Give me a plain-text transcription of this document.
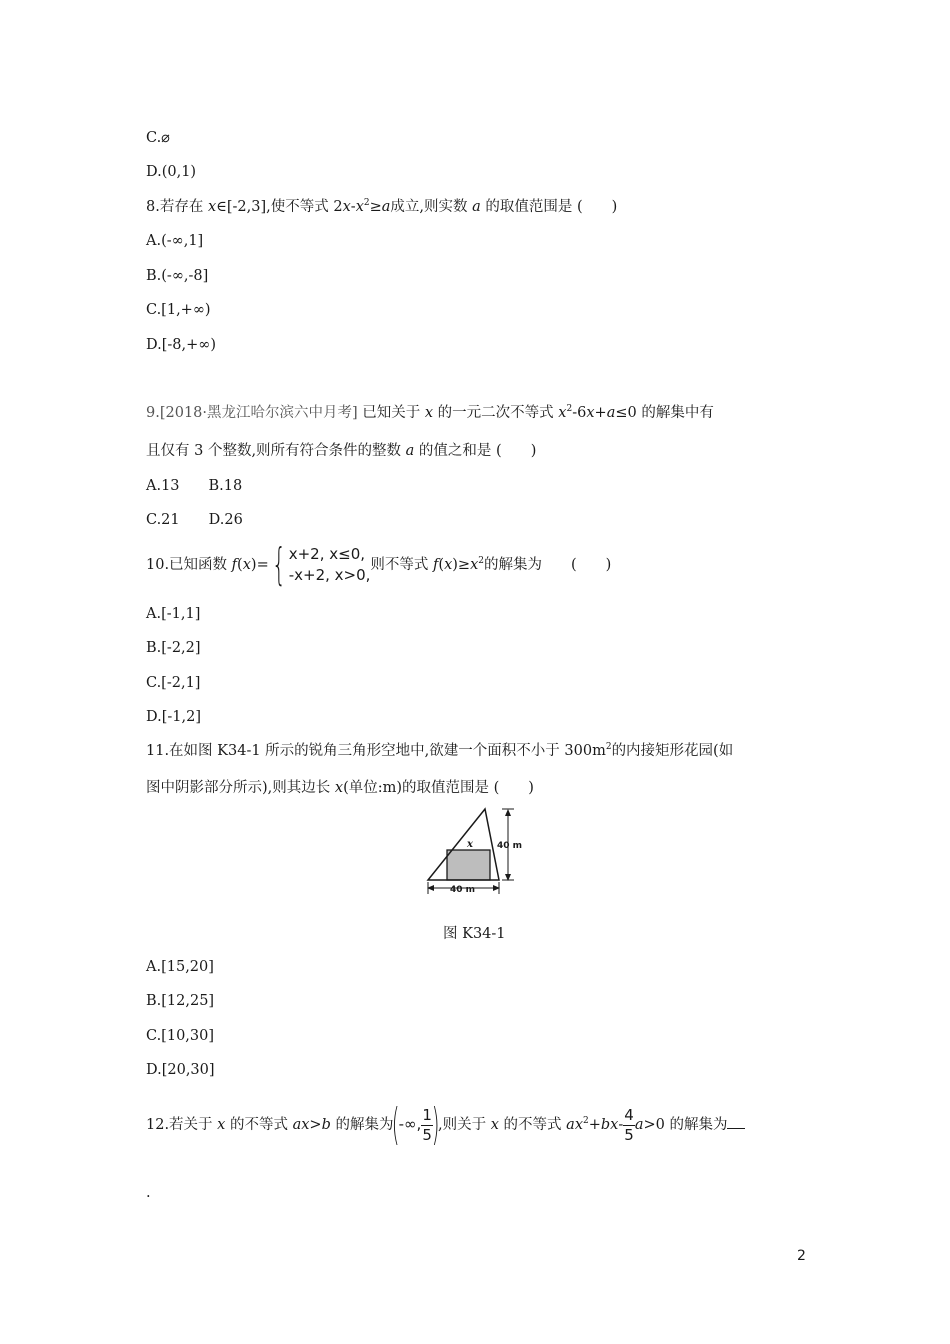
C.⌀
D.(0,1)
8.若存在 x∈[-2,3],使不等式 $2x-x^2\ge a$成立,则实数 a 的取值范围是 (　　)
A.(-∞,1]
B.(-∞,-8]
C.[1,+∞)
D.[-8,+∞)
9.[2018·黑龙江哈尔滨六中月考] 已知关于 x 的一元二次不等式 $x^2-6x+a\le 0$ 的解集中有
且仅有 3 个整数,则所有符合条件的整数 a 的值之和是 (　　)
A.13　　B.18
C.21　　D.26
10.已知函数 f(x)={ x+2, x≤0,
-x+2, x>0,
则不等式 $f(x)\ge x^2$的解集为　　(　　)
A.[-1,1]
B.[-2,2]
C.[-2,1]
D.[-1,2]
11.在如图 K34-1 所示的锐角三角形空地中,欲建一个面积不小于 $300m^2$的内接矩形花园(如
图中阴影部分所示),则其边长 x(单位:m)的取值范围是 (　　)
x	40 m
40 m
图 K34-1
A.[15,20]
B.[12,25]
C.[10,30]
D.[20,30]
12.若关于 x 的不等式 ax>b 的解集为(-∞, $\frac{1}{5}$
),则关于 x 的不等式 $ax^2+bx- \frac{4}{5} a>0$ 的解集为
.
2
